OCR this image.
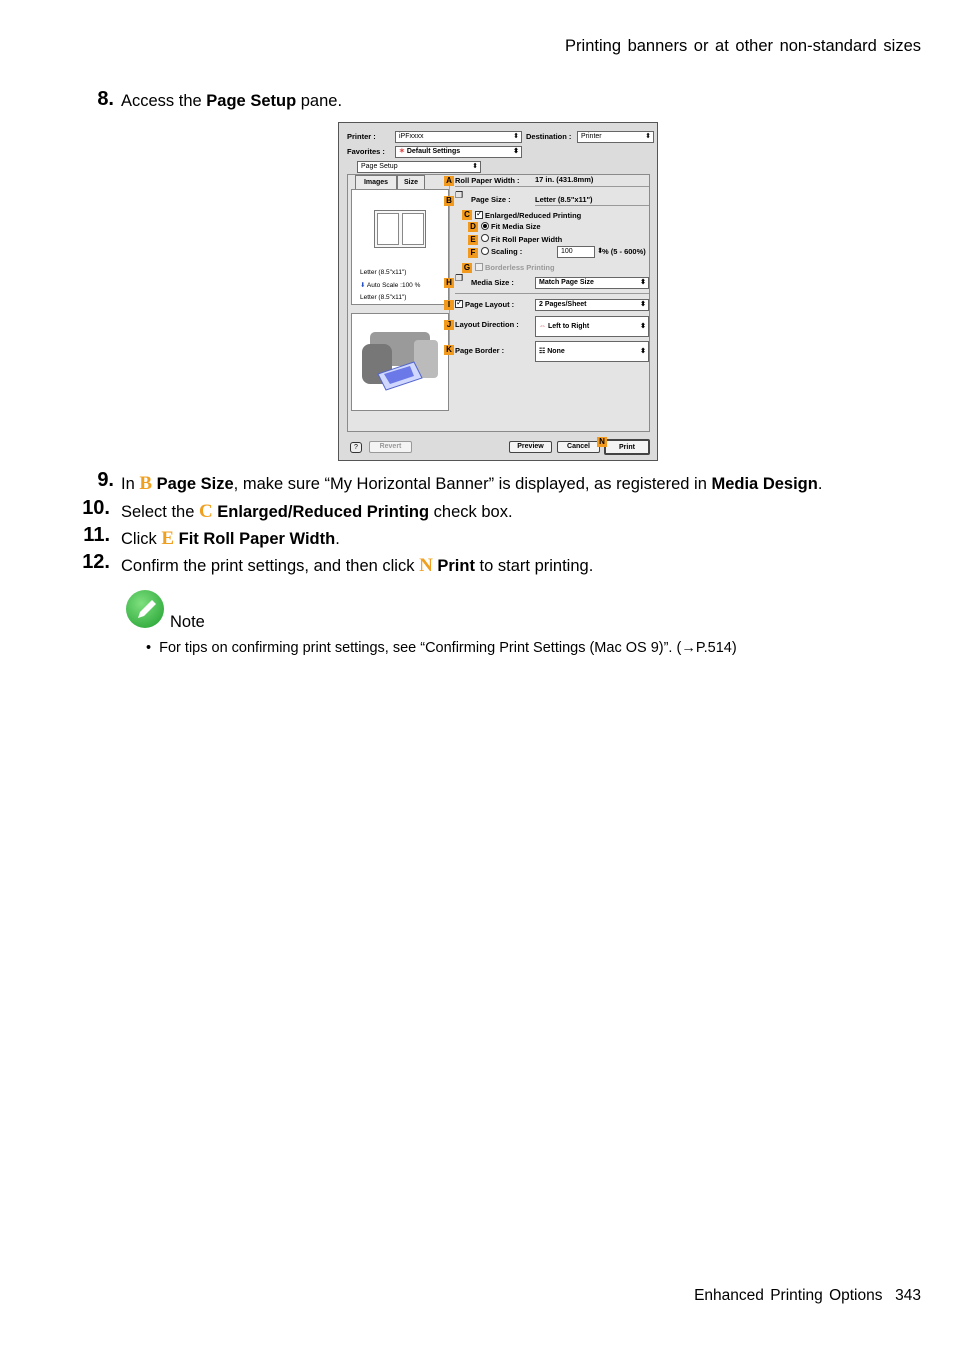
Printing banners or at other non-standard sizes
8. Access the Page Setup pane.
Printer :	iPFxxxx	⬍ Destination :	Printer	⬍
Favorites :	✶ Default Settings	⬍
Page Setup	⬍
Images	Size
Letter (8.5"x11")
⬇ Auto Scale :100 %
Letter (8.5"x11")
Roll Paper Width : 17 in. (431.8mm)
❐ Page Size :	Letter (8.5"x11")
✓ Enlarged/Reduced Printing
Fit Media Size
Fit Roll Paper Width
Scaling :	100	⬍
% (5 - 600%)
Borderless Printing
❐ Media Size :	Match Page Size	⬍
✓ Page Layout :	2 Pages/Sheet	⬍
Layout Direction :	⇔ Left to Right	⬍
Page Border :	☷ None	⬍
?	Revert	Preview	Cancel	Print
A
B
C
D
E
F
G
H
I
J
K
N
9. In B Page Size, make sure “My Horizontal Banner” is displayed, as registered in Media Design.
10. Select the C Enlarged/Reduced Printing check box.
11. Click E Fit Roll Paper Width.
12. Confirm the print settings, and then click N Print to start printing.
Note
• For tips on confirming print settings, see “Confirming Print Settings (Mac OS 9)”. (→P.514)
Enhanced Printing Options 343
